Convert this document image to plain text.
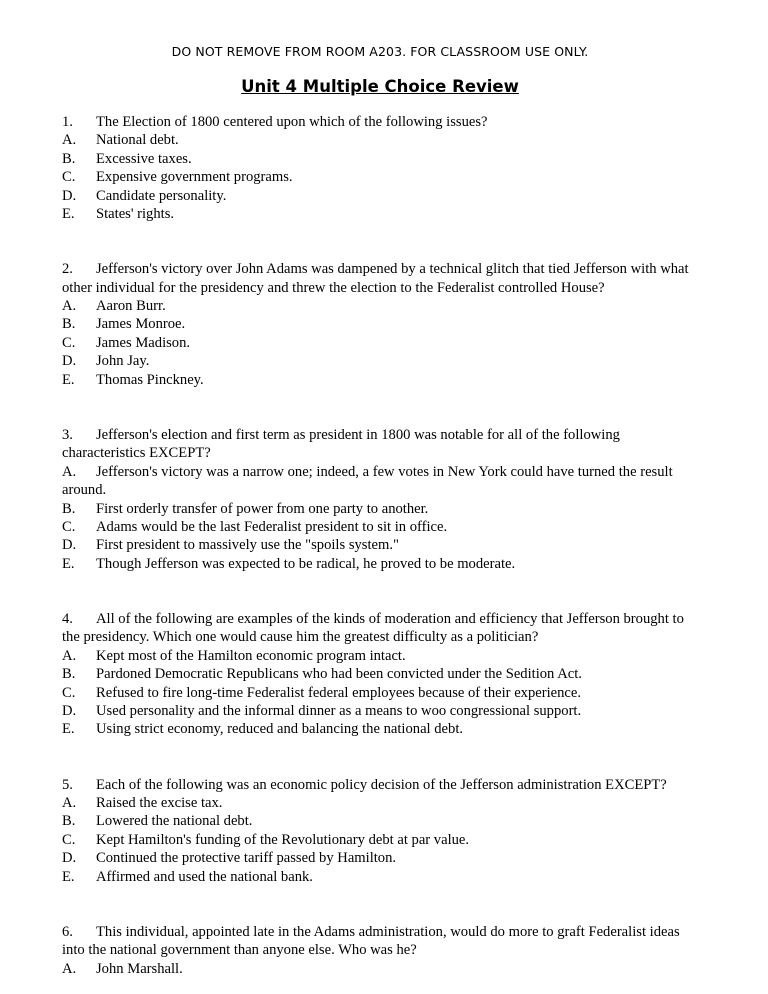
DO NOT REMOVE FROM ROOM A203. FOR CLASSROOM USE ONLY.
Unit 4 Multiple Choice Review
1. The Election of 1800 centered upon which of the following issues?
A.	National debt.
B.	Excessive taxes.
C.	Expensive government programs.
D.	Candidate personality.
E.	States' rights.
2. Jefferson's victory over John Adams was dampened by a technical glitch that tied Jefferson with what other individual for the presidency and threw the election to the Federalist controlled House?
A.	Aaron Burr.
B.	James Monroe.
C.	James Madison.
D.	John Jay.
E.	Thomas Pinckney.
3. Jefferson's election and first term as president in 1800 was notable for all of the following characteristics EXCEPT?
A. Jefferson's victory was a narrow one; indeed, a few votes in New York could have turned the result around.
B.	First orderly transfer of power from one party to another.
C.	Adams would be the last Federalist president to sit in office.
D.	First president to massively use the "spoils system."
E.	Though Jefferson was expected to be radical, he proved to be moderate.
4. All of the following are examples of the kinds of moderation and efficiency that Jefferson brought to the presidency. Which one would cause him the greatest difficulty as a politician?
A.	Kept most of the Hamilton economic program intact.
B.	Pardoned Democratic Republicans who had been convicted under the Sedition Act.
C.	Refused to fire long-time Federalist federal employees because of their experience.
D.	Used personality and the informal dinner as a means to woo congressional support.
E.	Using strict economy, reduced and balancing the national debt.
5. Each of the following was an economic policy decision of the Jefferson administration EXCEPT?
A.	Raised the excise tax.
B.	Lowered the national debt.
C.	Kept Hamilton's funding of the Revolutionary debt at par value.
D.	Continued the protective tariff passed by Hamilton.
E.	Affirmed and used the national bank.
6. This individual, appointed late in the Adams administration, would do more to graft Federalist ideas into the national government than anyone else. Who was he?
A.	John Marshall.
